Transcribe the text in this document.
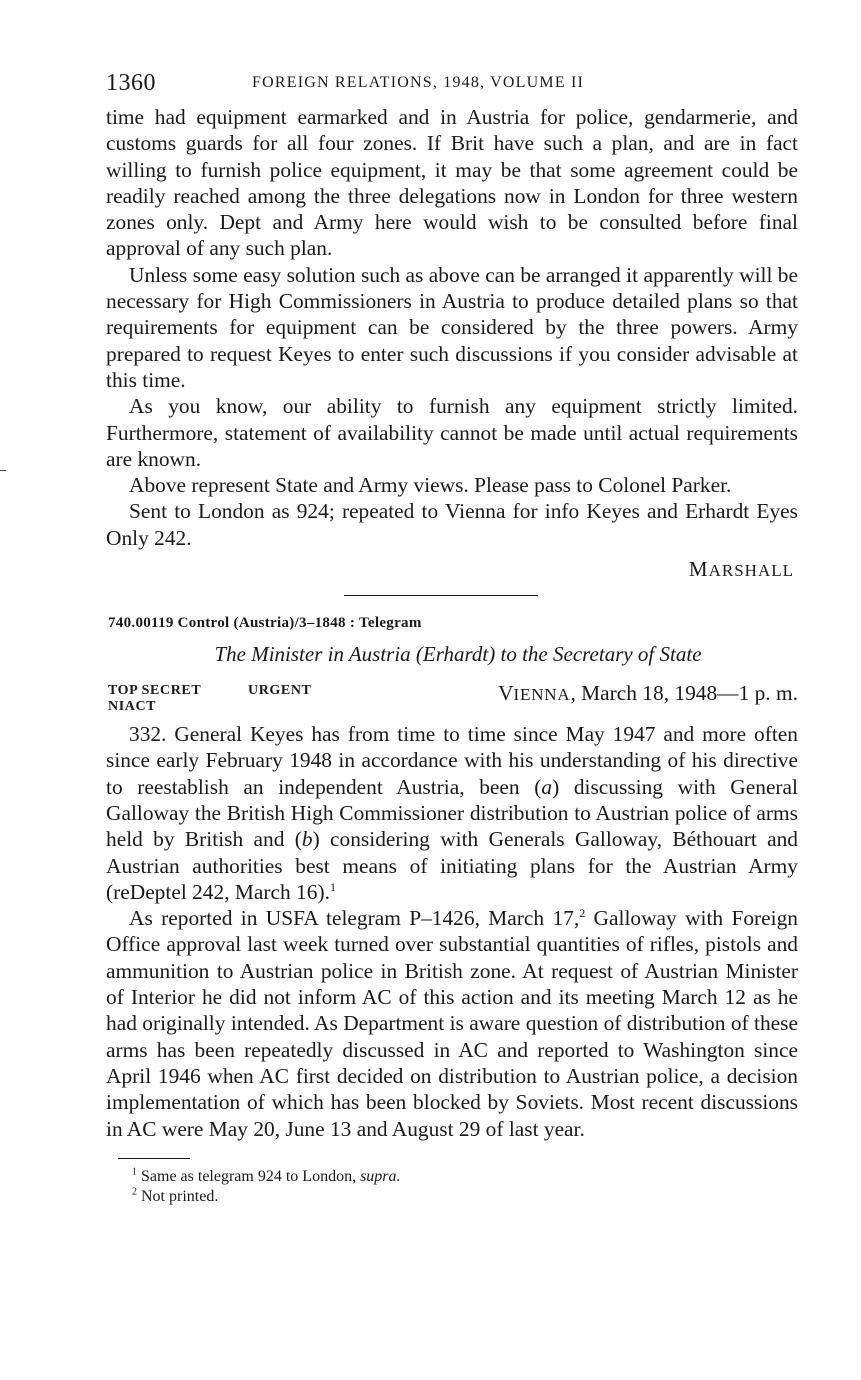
1360	FOREIGN RELATIONS, 1948, VOLUME II

time had equipment earmarked and in Austria for police, gendarmerie, and customs guards for all four zones. If Brit have such a plan, and are in fact willing to furnish police equipment, it may be that some agreement could be readily reached among the three delegations now in London for three western zones only. Dept and Army here would wish to be consulted before final approval of any such plan.

Unless some easy solution such as above can be arranged it apparently will be necessary for High Commissioners in Austria to produce detailed plans so that requirements for equipment can be considered by the three powers. Army prepared to request Keyes to enter such discussions if you consider advisable at this time.

As you know, our ability to furnish any equipment strictly limited. Furthermore, statement of availability cannot be made until actual requirements are known.

Above represent State and Army views. Please pass to Colonel Parker.

Sent to London as 924; repeated to Vienna for info Keyes and Erhardt Eyes Only 242.

MARSHALL
740.00119 Control (Austria)/3–1848 : Telegram
The Minister in Austria (Erhardt) to the Secretary of State
TOP SECRET
NIACT
URGENT	VIENNA, March 18, 1948—1 p. m.

332. General Keyes has from time to time since May 1947 and more often since early February 1948 in accordance with his understanding of his directive to reestablish an independent Austria, been (a) discussing with General Galloway the British High Commissioner distribution to Austrian police of arms held by British and (b) considering with Generals Galloway, Béthouart and Austrian authorities best means of initiating plans for the Austrian Army (reDeptel 242, March 16).$^1$

As reported in USFA telegram P–1426, March 17,$^2$ Galloway with Foreign Office approval last week turned over substantial quantities of rifles, pistols and ammunition to Austrian police in British zone. At request of Austrian Minister of Interior he did not inform AC of this action and its meeting March 12 as he had originally intended. As Department is aware question of distribution of these arms has been repeatedly discussed in AC and reported to Washington since April 1946 when AC first decided on distribution to Austrian police, a decision implementation of which has been blocked by Soviets. Most recent discussions in AC were May 20, June 13 and August 29 of last year.

$^1$ Same as telegram 924 to London, supra.
$^2$ Not printed.
